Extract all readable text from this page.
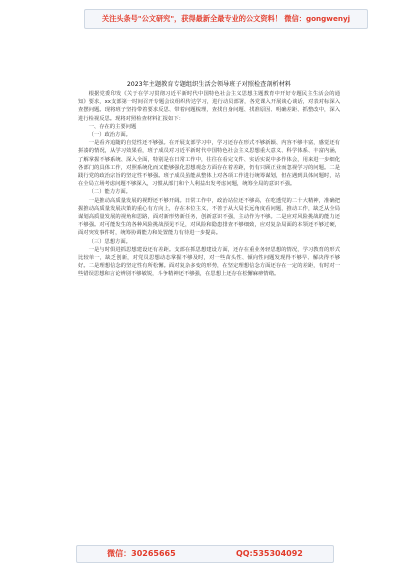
关注头条号"公文研究"，获得最新全最专业的公文资料！ 微信：gongwenyj
2023年主题教育专题组织生活会领导班子对照检查剖析材料

根据党委印发《关于在学习贯彻习近平新时代中国特色社会主义思想主题教育中开好专题民主生活会的通知》要求，xx支部第一时间召开专题会议组织传达学习，进行动员部署，各党课入开展谈心谈话，对表对标深入查摆问题。现将班子坚持带着要求反思、带着问题梳理，查找自身问题、找准原因、明确差距、抓整改中，深入进行检视反思。现将对照检查材料汇报如下：

一、存在的主要问题
（一）政治方面。

一是看齐追随的自觉性还不够强。在开展支部学习中，学习还存在形式不够新颖、内容不够丰富，感觉还有拼凑的情况，从学习效果看，班子成员对习近平新时代中国特色社会主义思想重大意义、科学体系、丰富内涵，了解掌握不够系统、深入全面，特别是在日常工作中，往往在看完文件、实话实说中多作体会，用来进一步细化各部门的具体工作，对照系统化而又能够强化思想观念方面存在着差距，仍有只顾正业而忽视学习的问题。二是践行党的政治宗旨的坚定性不够强。班子成员虽能从整体上对各项工作进行统筹谋划，但在遇到具体问题时，站在全局立场考虑问题不够深入，习惯从部门和个人利益出发考虑问题，统筹全局的意识不强。

（二）能力方面。

一是推动高质量发展的视野还不够开阔。日常工作中，政治站位还不够高，在吃透党的二十大精神，准确把握推动高质量发展决策的重心有方向上，存在本位主义，不善于从大局长远角度看问题，推动工作，缺乏从全局谋划高质量发展的视角和思路，面对新形势新任务，创新意识不强，主动作为不够。二是应对风险挑战的能力还不够强。对可能发生的各种风险挑战预见不足，对风险和隐患排查不够细致，应对复杂局面的本领还不够过硬，面对突发事件时，统筹协调能力和处置能力有待进一步提高。

（三）思想方面。

一是与时俱进抓思想建设还有差距。支部在抓思想建设方面，还存在重业务轻思想的情况，学习教育的形式比较单一，缺乏创新，对党员思想动态掌握不够及时，对一些苗头性、倾向性问题发现得不够早、解决得不够好。二是理想信念的坚定性有所松懈。面对复杂多变的形势，在坚定理想信念方面还存在一定的差距，有时对一些错误思想和言论辨别不够敏锐，斗争精神还不够强，在思想上还存在松懈麻痹情绪。

微信：30265665	QQ:535304092
